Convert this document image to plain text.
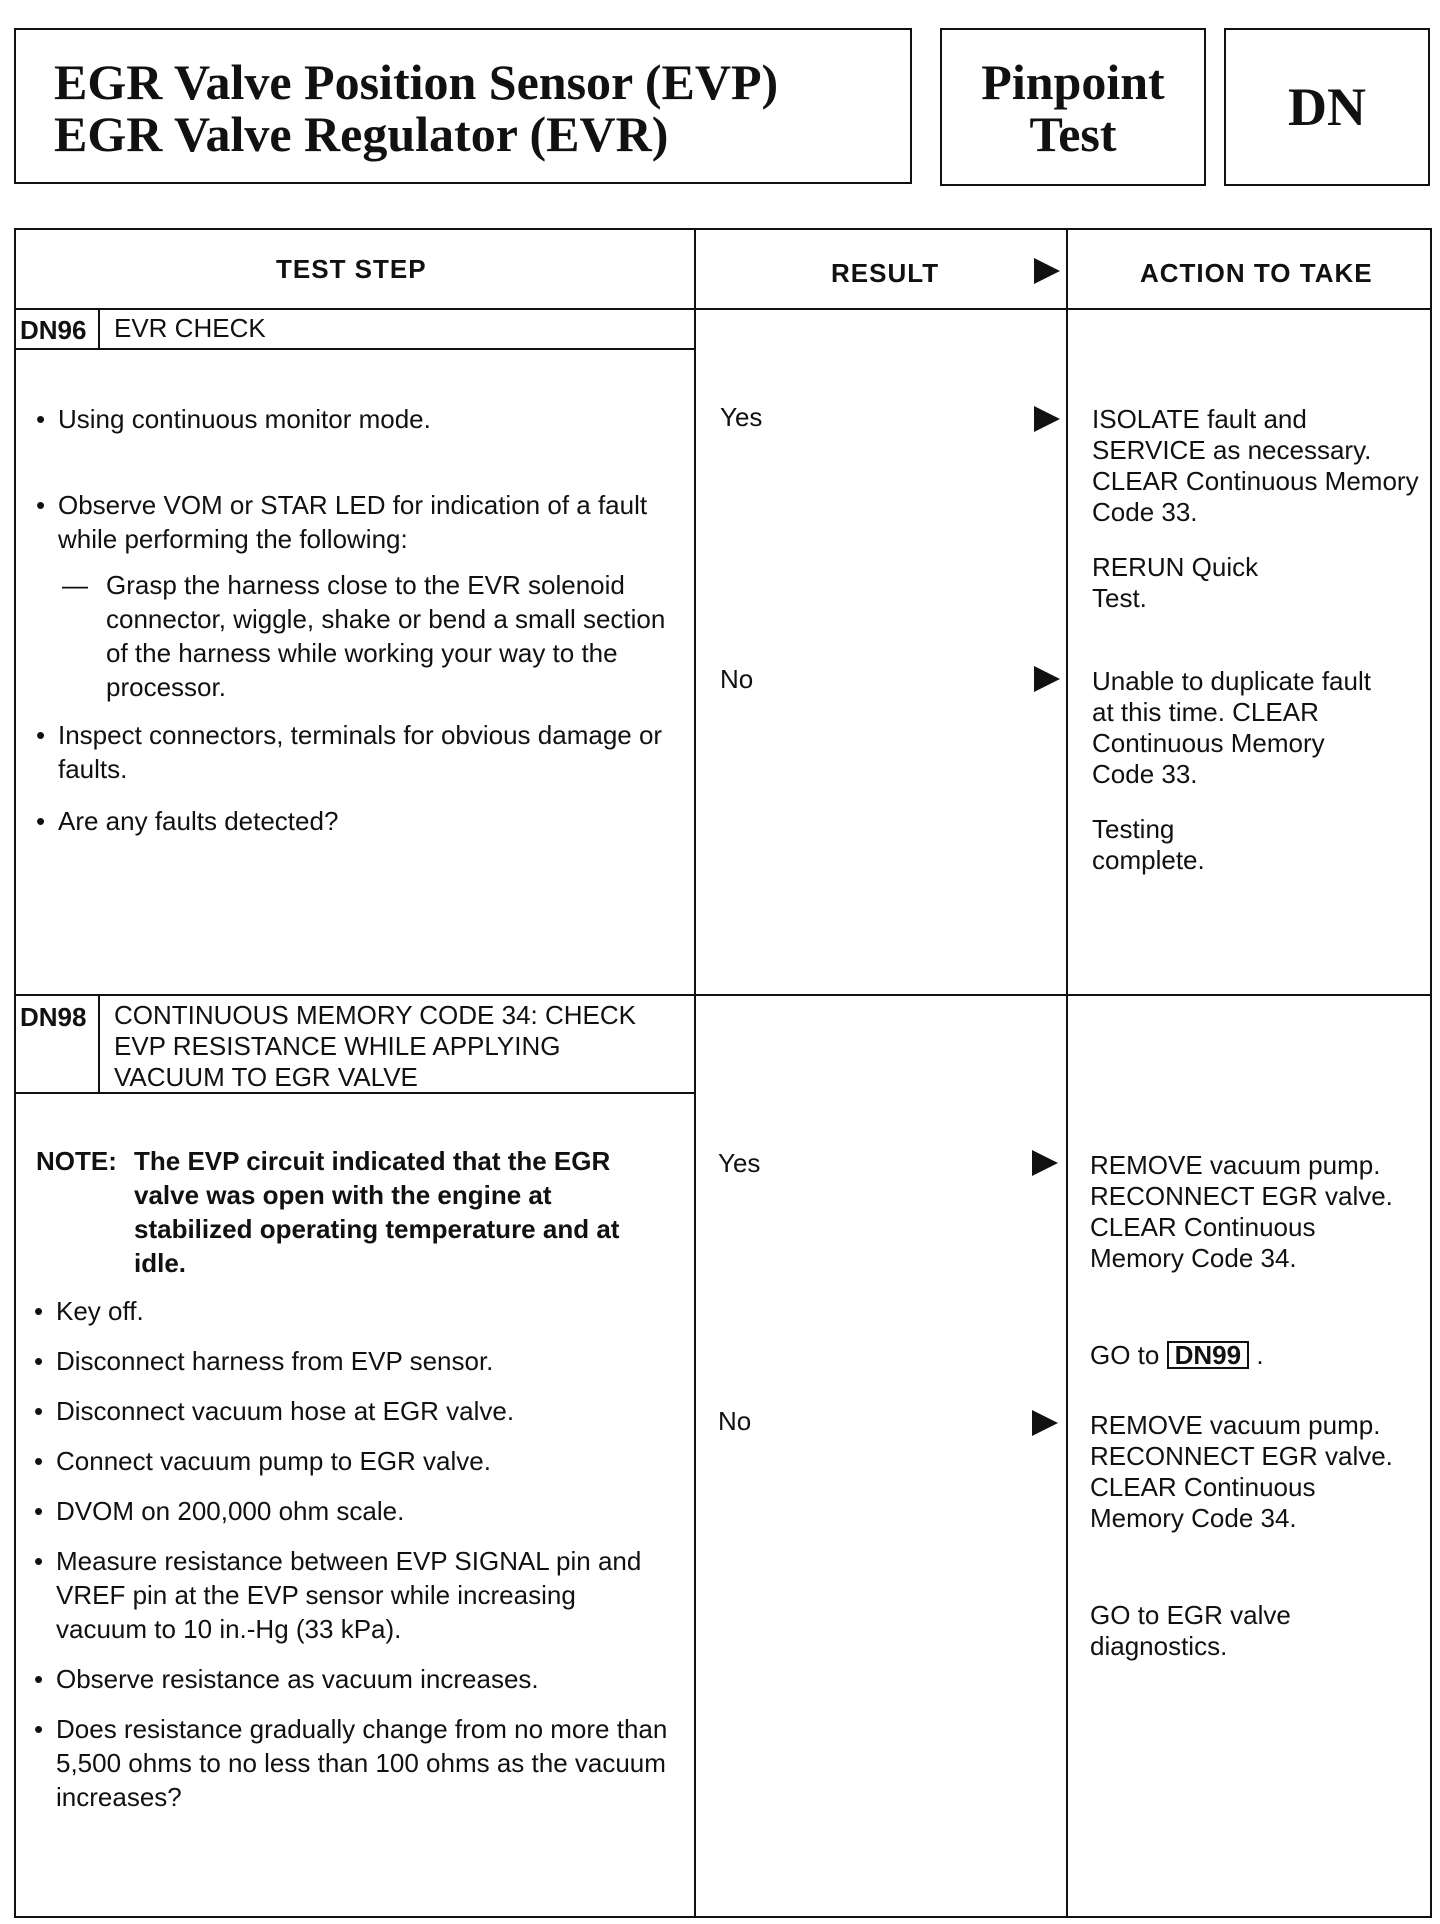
EGR Valve Position Sensor (EVP)
EGR Valve Regulator (EVR)
Pinpoint
Test	DN
TEST STEP	RESULT	ACTION TO TAKE
DN96 EVR CHECK
• Using continuous monitor mode.
• Observe VOM or STAR LED for indication of a fault while performing the following:
— Grasp the harness close to the EVR solenoid connector, wiggle, shake or bend a small section of the harness while working your way to the processor.
• Inspect connectors, terminals for obvious damage or faults.
• Are any faults detected?
Yes	ISOLATE fault and SERVICE as necessary. CLEAR Continuous Memory Code 33.
RERUN Quick Test.
No	Unable to duplicate fault at this time. CLEAR Continuous Memory Code 33.
Testing complete.
DN98 CONTINUOUS MEMORY CODE 34: CHECK EVP RESISTANCE WHILE APPLYING VACUUM TO EGR VALVE
NOTE: The EVP circuit indicated that the EGR valve was open with the engine at stabilized operating temperature and at idle.
• Key off.
• Disconnect harness from EVP sensor.
• Disconnect vacuum hose at EGR valve.
• Connect vacuum pump to EGR valve.
• DVOM on 200,000 ohm scale.
• Measure resistance between EVP SIGNAL pin and VREF pin at the EVP sensor while increasing vacuum to 10 in.-Hg (33 kPa).
• Observe resistance as vacuum increases.
• Does resistance gradually change from no more than 5,500 ohms to no less than 100 ohms as the vacuum increases?
Yes	REMOVE vacuum pump. RECONNECT EGR valve. CLEAR Continuous Memory Code 34.
GO to DN99 .
No	REMOVE vacuum pump. RECONNECT EGR valve. CLEAR Continuous Memory Code 34.
GO to EGR valve diagnostics.
